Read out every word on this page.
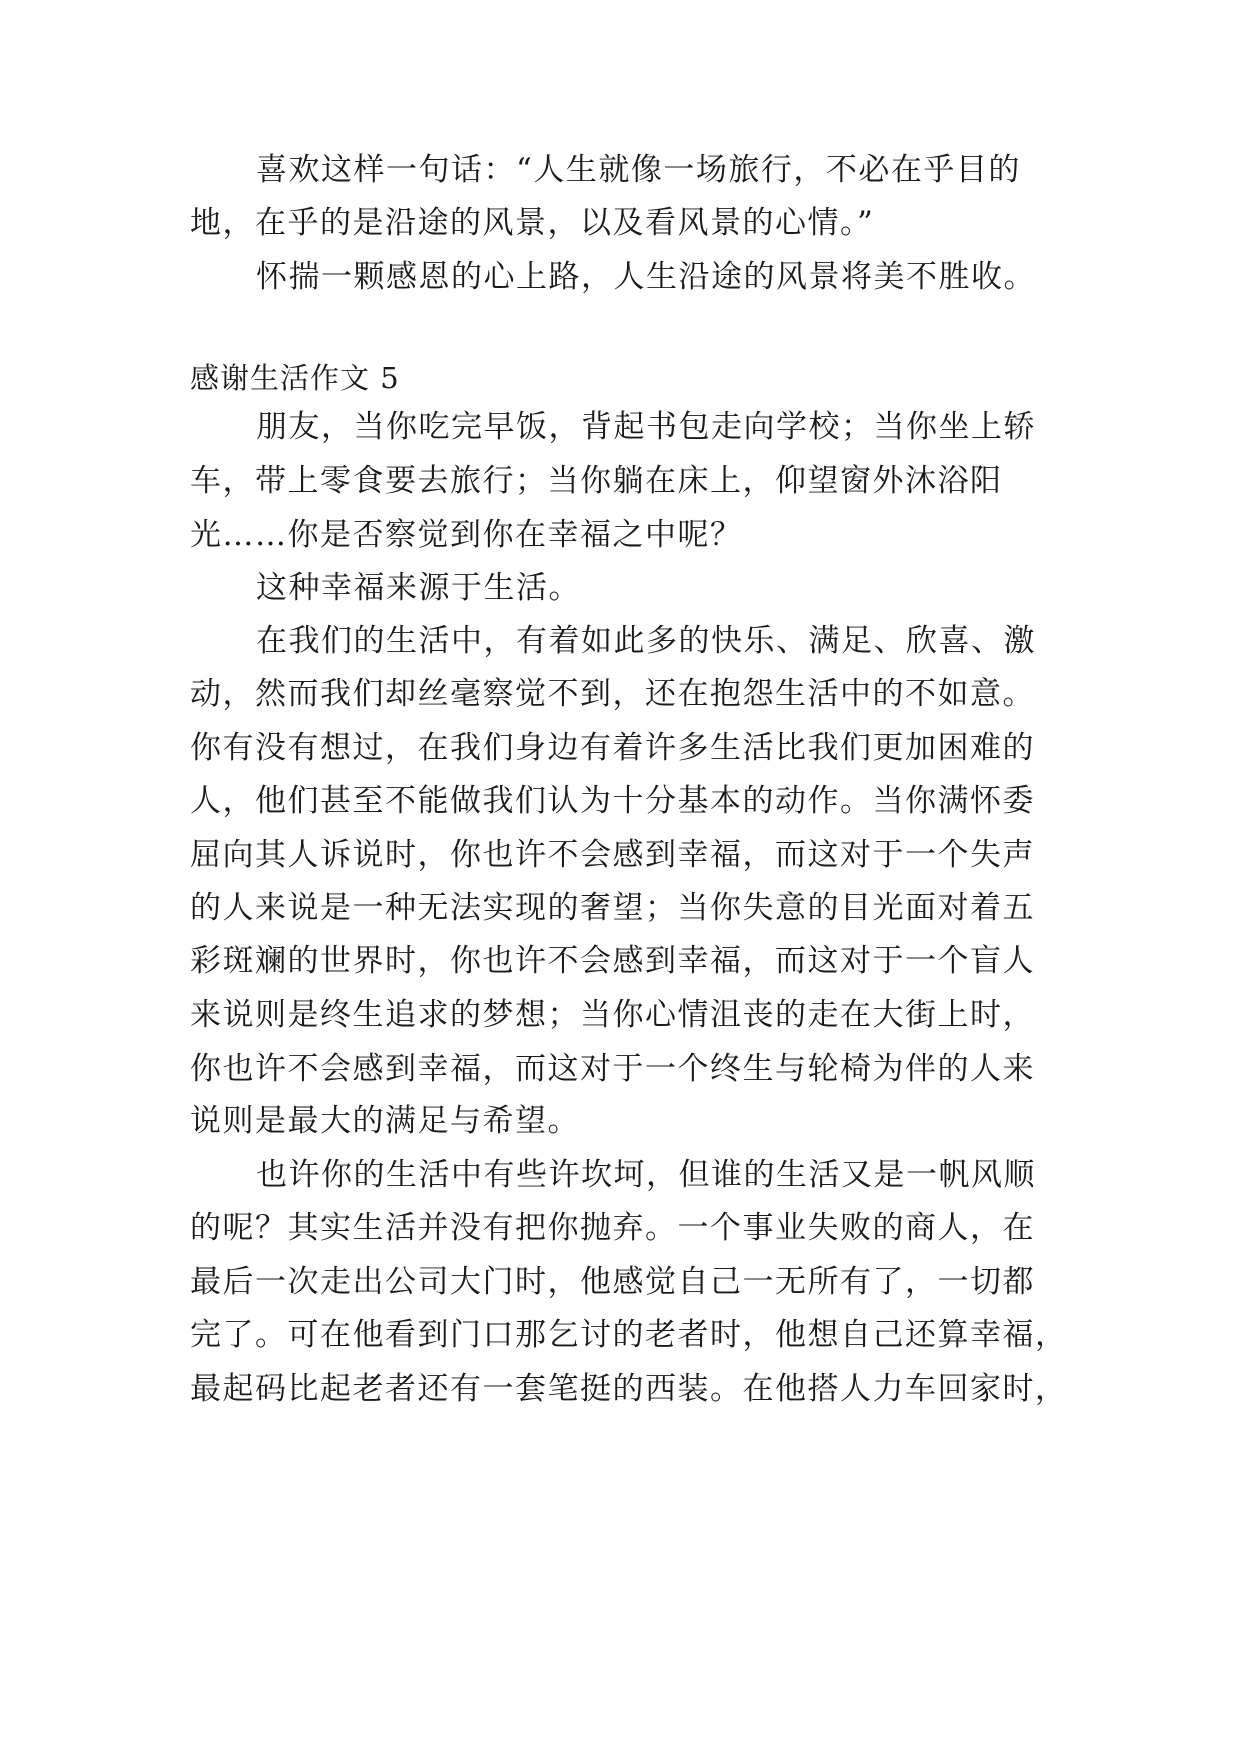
喜欢这样一句话：“人生就像一场旅行，不必在乎目的
地，在乎的是沿途的风景，以及看风景的心情。”
怀揣一颗感恩的心上路，人生沿途的风景将美不胜收。
感谢生活作文 5
朋友，当你吃完早饭，背起书包走向学校；当你坐上轿
车，带上零食要去旅行；当你躺在床上，仰望窗外沐浴阳
光……你是否察觉到你在幸福之中呢？
这种幸福来源于生活。
在我们的生活中，有着如此多的快乐、满足、欣喜、激
动，然而我们却丝毫察觉不到，还在抱怨生活中的不如意。
你有没有想过，在我们身边有着许多生活比我们更加困难的
人，他们甚至不能做我们认为十分基本的动作。当你满怀委
屈向其人诉说时，你也许不会感到幸福，而这对于一个失声
的人来说是一种无法实现的奢望；当你失意的目光面对着五
彩斑斓的世界时，你也许不会感到幸福，而这对于一个盲人
来说则是终生追求的梦想；当你心情沮丧的走在大街上时，
你也许不会感到幸福，而这对于一个终生与轮椅为伴的人来
说则是最大的满足与希望。
也许你的生活中有些许坎坷，但谁的生活又是一帆风顺
的呢？其实生活并没有把你抛弃。一个事业失败的商人，在
最后一次走出公司大门时，他感觉自己一无所有了，一切都
完了。可在他看到门口那乞讨的老者时，他想自己还算幸福，
最起码比起老者还有一套笔挺的西装。在他搭人力车回家时，
